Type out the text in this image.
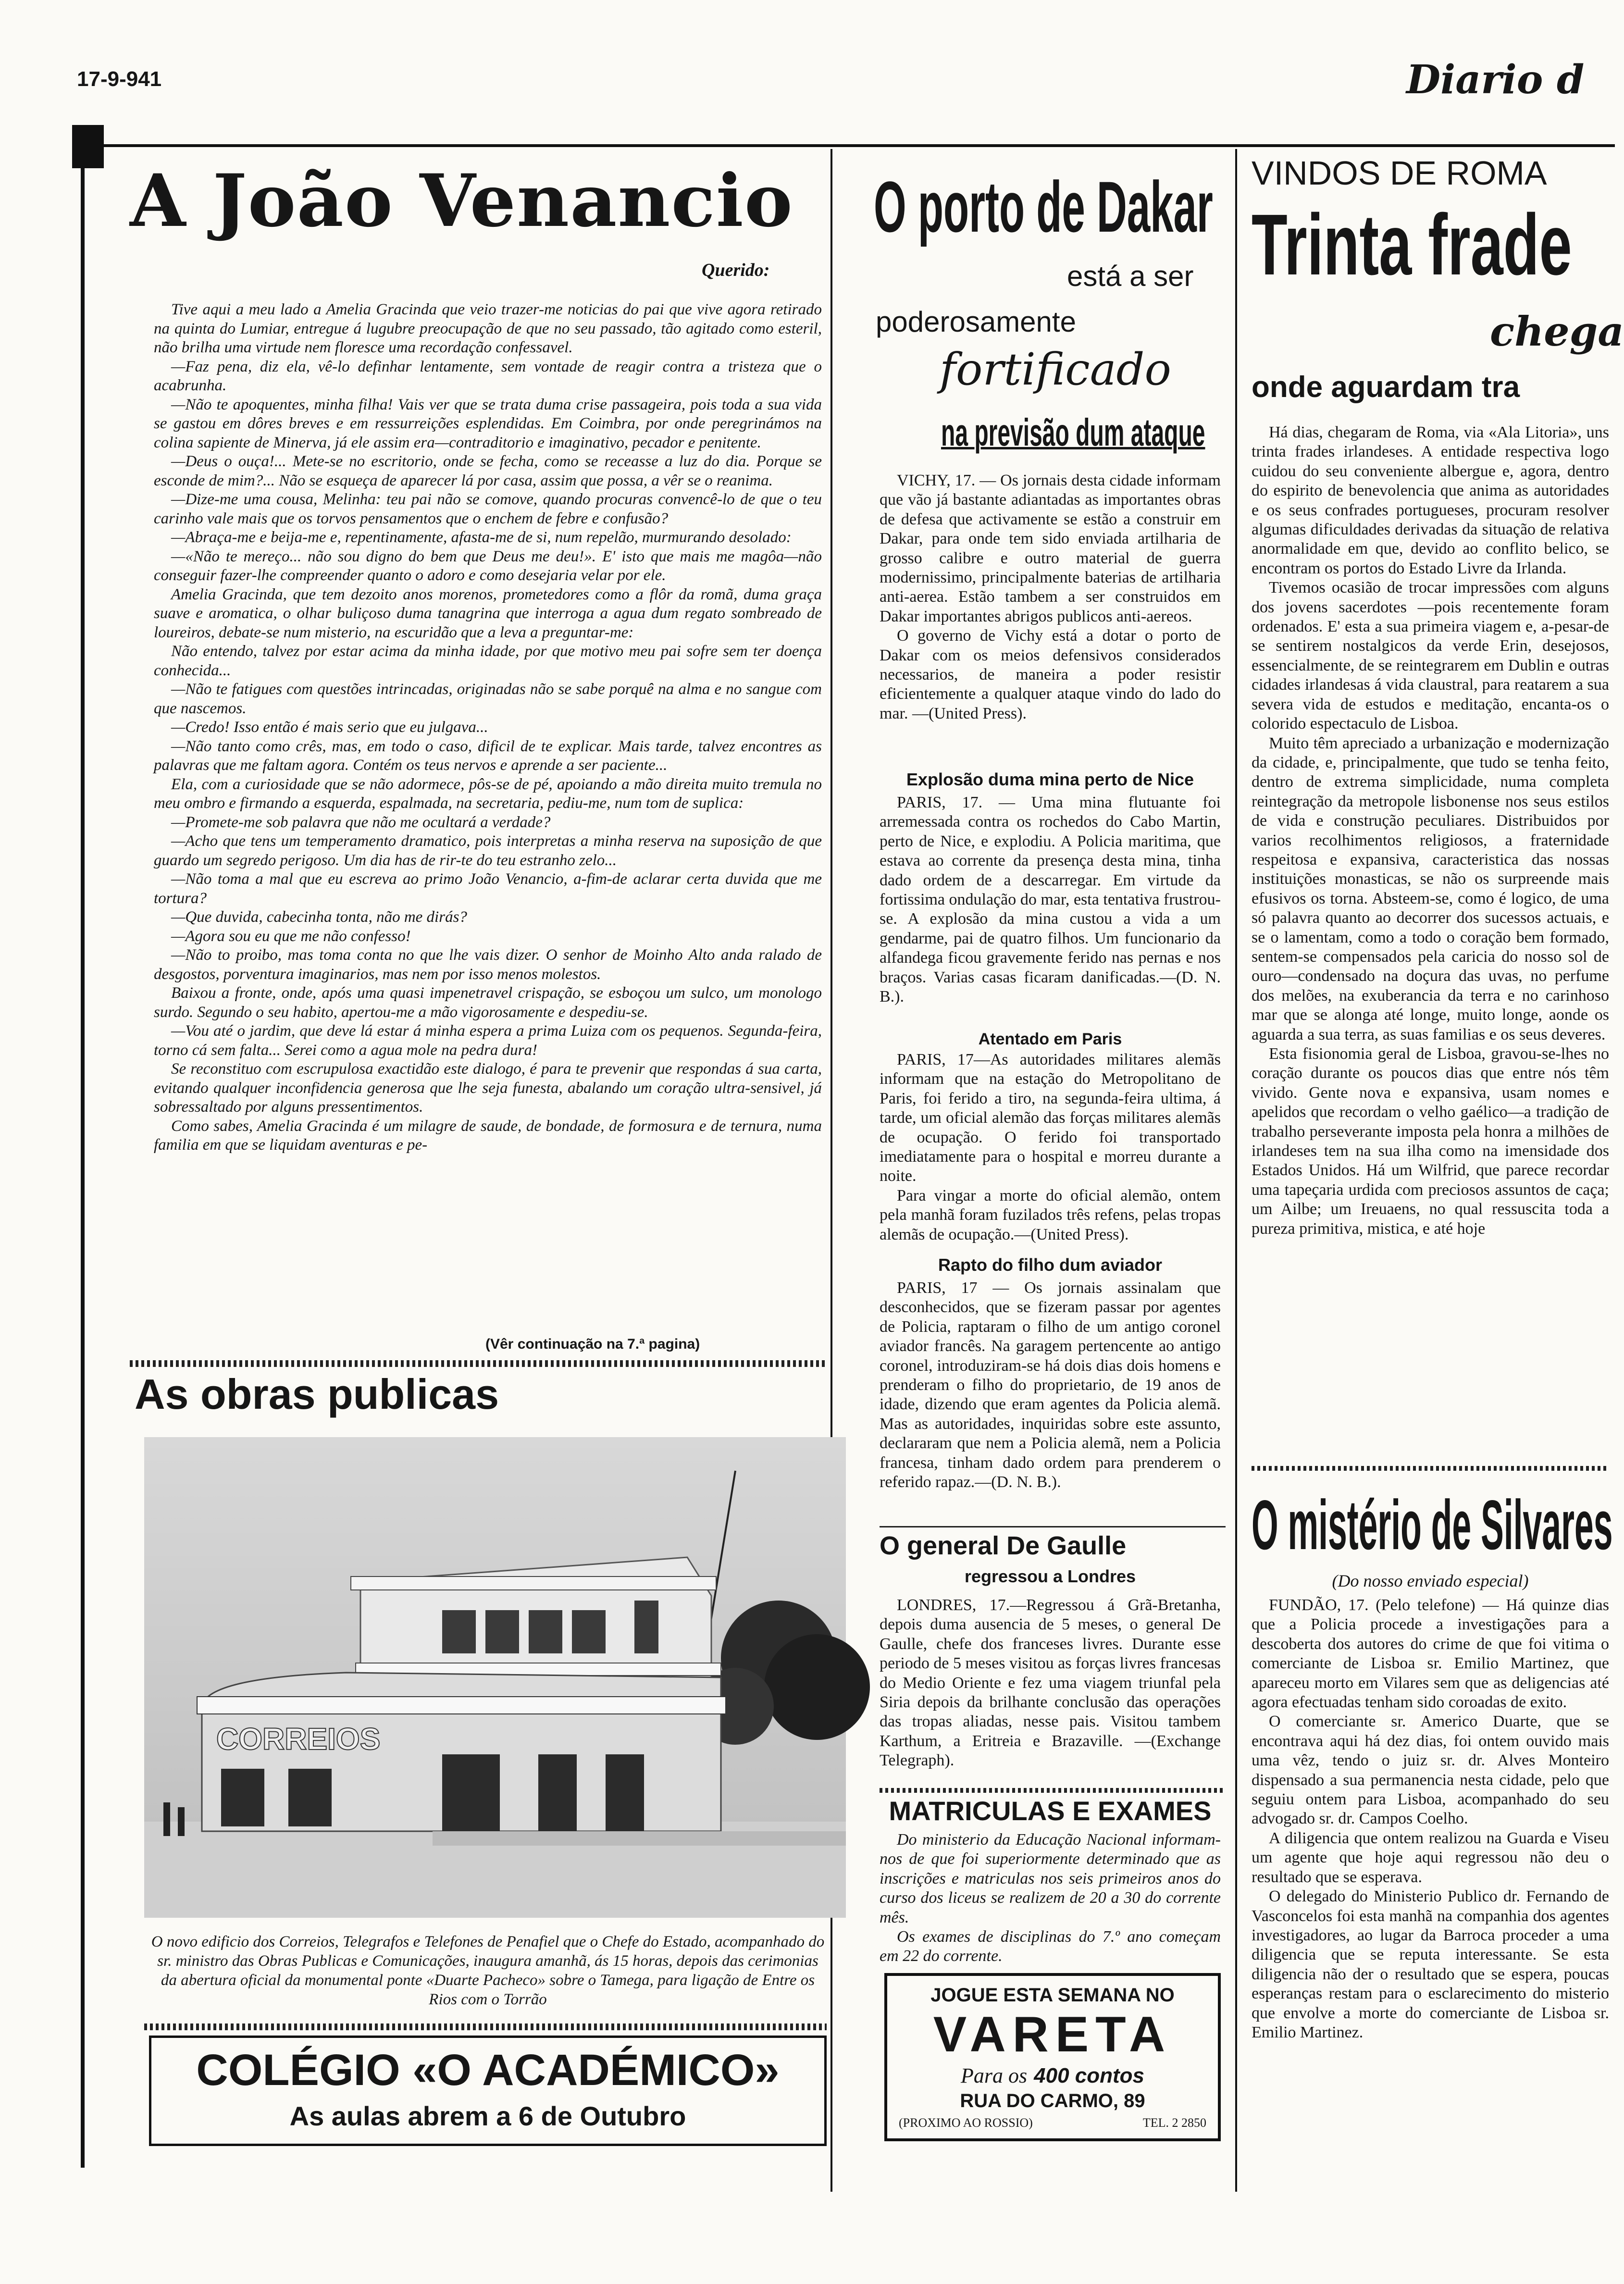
17-9-941	Diario d
A João Venancio
Querido:

Tive aqui a meu lado a Amelia Gracinda que veio trazer-me noticias do pai que vive agora retirado na quinta do Lumiar, entregue á lugubre preocupação de que no seu passado, tão agitado como esteril, não brilha uma virtude nem floresce uma recordação confessavel.

—Faz pena, diz ela, vê-lo definhar lentamente, sem vontade de reagir contra a tristeza que o acabrunha.

—Não te apoquentes, minha filha! Vais ver que se trata duma crise passageira, pois toda a sua vida se gastou em dôres breves e em ressurreições esplendidas. Em Coimbra, por onde peregrinámos na colina sapiente de Minerva, já ele assim era—contraditorio e imaginativo, pecador e penitente.

—Deus o ouça!... Mete-se no escritorio, onde se fecha, como se receasse a luz do dia. Porque se esconde de mim?... Não se esqueça de aparecer lá por casa, assim que possa, a vêr se o reanima.

—Dize-me uma cousa, Melinha: teu pai não se comove, quando procuras convencê-lo de que o teu carinho vale mais que os torvos pensamentos que o enchem de febre e confusão?

—Abraça-me e beija-me e, repentinamente, afasta-me de si, num repelão, murmurando desolado:

—«Não te mereço... não sou digno do bem que Deus me deu!». E' isto que mais me magôa—não conseguir fazer-lhe compreender quanto o adoro e como desejaria velar por ele.

Amelia Gracinda, que tem dezoito anos morenos, prometedores como a flôr da romã, duma graça suave e aromatica, o olhar buliçoso duma tanagrina que interroga a agua dum regato sombreado de loureiros, debate-se num misterio, na escuridão que a leva a preguntar-me:

Não entendo, talvez por estar acima da minha idade, por que motivo meu pai sofre sem ter doença conhecida...

—Não te fatigues com questões intrincadas, originadas não se sabe porquê na alma e no sangue com que nascemos.

—Credo! Isso então é mais serio que eu julgava...

—Não tanto como crês, mas, em todo o caso, dificil de te explicar. Mais tarde, talvez encontres as palavras que me faltam agora. Contém os teus nervos e aprende a ser paciente...

Ela, com a curiosidade que se não adormece, pôs-se de pé, apoiando a mão direita muito tremula no meu ombro e firmando a esquerda, espalmada, na secretaria, pediu-me, num tom de suplica:

—Promete-me sob palavra que não me ocultará a verdade?

—Acho que tens um temperamento dramatico, pois interpretas a minha reserva na suposição de que guardo um segredo perigoso. Um dia has de rir-te do teu estranho zelo...

—Não toma a mal que eu escreva ao primo João Venancio, a-fim-de aclarar certa duvida que me tortura?

—Que duvida, cabecinha tonta, não me dirás?

—Agora sou eu que me não confesso!

—Não to proibo, mas toma conta no que lhe vais dizer. O senhor de Moinho Alto anda ralado de desgostos, porventura imaginarios, mas nem por isso menos molestos.

Baixou a fronte, onde, após uma quasi impenetravel crispação, se esboçou um sulco, um monologo surdo. Segundo o seu habito, apertou-me a mão vigorosamente e despediu-se.

—Vou até o jardim, que deve lá estar á minha espera a prima Luiza com os pequenos. Segunda-feira, torno cá sem falta... Serei como a agua mole na pedra dura!

Se reconstituo com escrupulosa exactidão este dialogo, é para te prevenir que respondas á sua carta, evitando qualquer inconfidencia generosa que lhe seja funesta, abalando um coração ultra-sensivel, já sobressaltado por alguns pressentimentos.

Como sabes, Amelia Gracinda é um milagre de saude, de bondade, de formosura e de ternura, numa familia em que se liquidam aventuras e pe-

(Vêr continuação na 7.ª pagina)
As obras publicas
CORREIOS
O novo edificio dos Correios, Telegrafos e Telefones de Penafiel que o Chefe do Estado, acompanhado do sr. ministro das Obras Publicas e Comunicações, inaugura amanhã, ás 15 horas, depois das cerimonias da abertura oficial da monumental ponte «Duarte Pacheco» sobre o Tamega, para ligação de Entre os Rios com o Torrão
COLÉGIO «O ACADÉMICO»
As aulas abrem a 6 de Outubro
O porto de Dakar
está a ser
poderosamente
fortificado
na previsão dum ataque

VICHY, 17. — Os jornais desta cidade informam que vão já bastante adiantadas as importantes obras de defesa que activamente se estão a construir em Dakar, para onde tem sido enviada artilharia de grosso calibre e outro material de guerra modernissimo, principalmente baterias de artilharia anti-aerea. Estão tambem a ser construidos em Dakar importantes abrigos publicos anti-aereos.

O governo de Vichy está a dotar o porto de Dakar com os meios defensivos considerados necessarios, de maneira a poder resistir eficientemente a qualquer ataque vindo do lado do mar. —(United Press).

Explosão duma mina perto de Nice

PARIS, 17. — Uma mina flutuante foi arremessada contra os rochedos do Cabo Martin, perto de Nice, e explodiu. A Policia maritima, que estava ao corrente da presença desta mina, tinha dado ordem de a descarregar. Em virtude da fortissima ondulação do mar, esta tentativa frustrou-se. A explosão da mina custou a vida a um gendarme, pai de quatro filhos. Um funcionario da alfandega ficou gravemente ferido nas pernas e nos braços. Varias casas ficaram danificadas.—(D. N. B.).

Atentado em Paris

PARIS, 17—As autoridades militares alemãs informam que na estação do Metropolitano de Paris, foi ferido a tiro, na segunda-feira ultima, á tarde, um oficial alemão das forças militares alemãs de ocupação. O ferido foi transportado imediatamente para o hospital e morreu durante a noite.

Para vingar a morte do oficial alemão, ontem pela manhã foram fuzilados três refens, pelas tropas alemãs de ocupação.—(United Press).

Rapto do filho dum aviador

PARIS, 17 — Os jornais assinalam que desconhecidos, que se fizeram passar por agentes de Policia, raptaram o filho de um antigo coronel aviador francês. Na garagem pertencente ao antigo coronel, introduziram-se há dois dias dois homens e prenderam o filho do proprietario, de 19 anos de idade, dizendo que eram agentes da Policia alemã. Mas as autoridades, inquiridas sobre este assunto, declararam que nem a Policia alemã, nem a Policia francesa, tinham dado ordem para prenderem o referido rapaz.—(D. N. B.).

O general De Gaulle
regressou a Londres

LONDRES, 17.—Regressou á Grã-Bretanha, depois duma ausencia de 5 meses, o general De Gaulle, chefe dos franceses livres. Durante esse periodo de 5 meses visitou as forças livres francesas do Medio Oriente e fez uma viagem triunfal pela Siria depois da brilhante conclusão das operações das tropas aliadas, nesse pais. Visitou tambem Karthum, a Eritreia e Brazaville. —(Exchange Telegraph).

MATRICULAS E EXAMES

Do ministerio da Educação Nacional informam-nos de que foi superiormente determinado que as inscrições e matriculas nos seis primeiros anos do curso dos liceus se realizem de 20 a 30 do corrente mês.

Os exames de disciplinas do 7.º ano começam em 22 do corrente.

JOGUE ESTA SEMANA NO
VARETA
Para os 400 contos
RUA DO CARMO, 89
(PROXIMO AO ROSSIO)	TEL. 2 2850
VINDOS DE ROMA
Trinta frade
chega
onde aguardam tra

Há dias, chegaram de Roma, via «Ala Litoria», uns trinta frades irlandeses. A entidade respectiva logo cuidou do seu conveniente albergue e, agora, dentro do espirito de benevolencia que anima as autoridades e os seus confrades portugueses, procuram resolver algumas dificuldades derivadas da situação de relativa anormalidade em que, devido ao conflito belico, se encontram os portos do Estado Livre da Irlanda.

Tivemos ocasião de trocar impressões com alguns dos jovens sacerdotes —pois recentemente foram ordenados. E' esta a sua primeira viagem e, a-pesar-de se sentirem nostalgicos da verde Erin, desejosos, essencialmente, de se reintegrarem em Dublin e outras cidades irlandesas á vida claustral, para reatarem a sua severa vida de estudos e meditação, encanta-os o colorido espectaculo de Lisboa.

Muito têm apreciado a urbanização e modernização da cidade, e, principalmente, que tudo se tenha feito, dentro de extrema simplicidade, numa completa reintegração da metropole lisbonense nos seus estilos de vida e construção peculiares. Distribuidos por varios recolhimentos religiosos, a fraternidade respeitosa e expansiva, caracteristica das nossas instituições monasticas, se não os surpreende mais efusivos os torna. Absteem-se, como é logico, de uma só palavra quanto ao decorrer dos sucessos actuais, e se o lamentam, como a todo o coração bem formado, sentem-se compensados pela caricia do nosso sol de ouro—condensado na doçura das uvas, no perfume dos melões, na exuberancia da terra e no carinhoso mar que se alonga até longe, muito longe, aonde os aguarda a sua terra, as suas familias e os seus deveres.

Esta fisionomia geral de Lisboa, gravou-se-lhes no coração durante os poucos dias que entre nós têm vivido. Gente nova e expansiva, usam nomes e apelidos que recordam o velho gaélico—a tradição de trabalho perseverante imposta pela honra a milhões de irlandeses tem na sua ilha como na imensidade dos Estados Unidos. Há um Wilfrid, que parece recordar uma tapeçaria urdida com preciosos assuntos de caça; um Ailbe; um Ireuaens, no qual ressuscita toda a pureza primitiva, mistica, e até hoje

O mistério de Silvares
(Do nosso enviado especial)

FUNDÃO, 17. (Pelo telefone) — Há quinze dias que a Policia procede a investigações para a descoberta dos autores do crime de que foi vitima o comerciante de Lisboa sr. Emilio Martinez, que apareceu morto em Vilares sem que as deligencias até agora efectuadas tenham sido coroadas de exito.

O comerciante sr. Americo Duarte, que se encontrava aqui há dez dias, foi ontem ouvido mais uma vêz, tendo o juiz sr. dr. Alves Monteiro dispensado a sua permanencia nesta cidade, pelo que seguiu ontem para Lisboa, acompanhado do seu advogado sr. dr. Campos Coelho.

A diligencia que ontem realizou na Guarda e Viseu um agente que hoje aqui regressou não deu o resultado que se esperava.

O delegado do Ministerio Publico dr. Fernando de Vasconcelos foi esta manhã na companhia dos agentes investigadores, ao lugar da Barroca proceder a uma diligencia que se reputa interessante. Se esta diligencia não der o resultado que se espera, poucas esperanças restam para o esclarecimento do misterio que envolve a morte do comerciante de Lisboa sr. Emilio Martinez.
